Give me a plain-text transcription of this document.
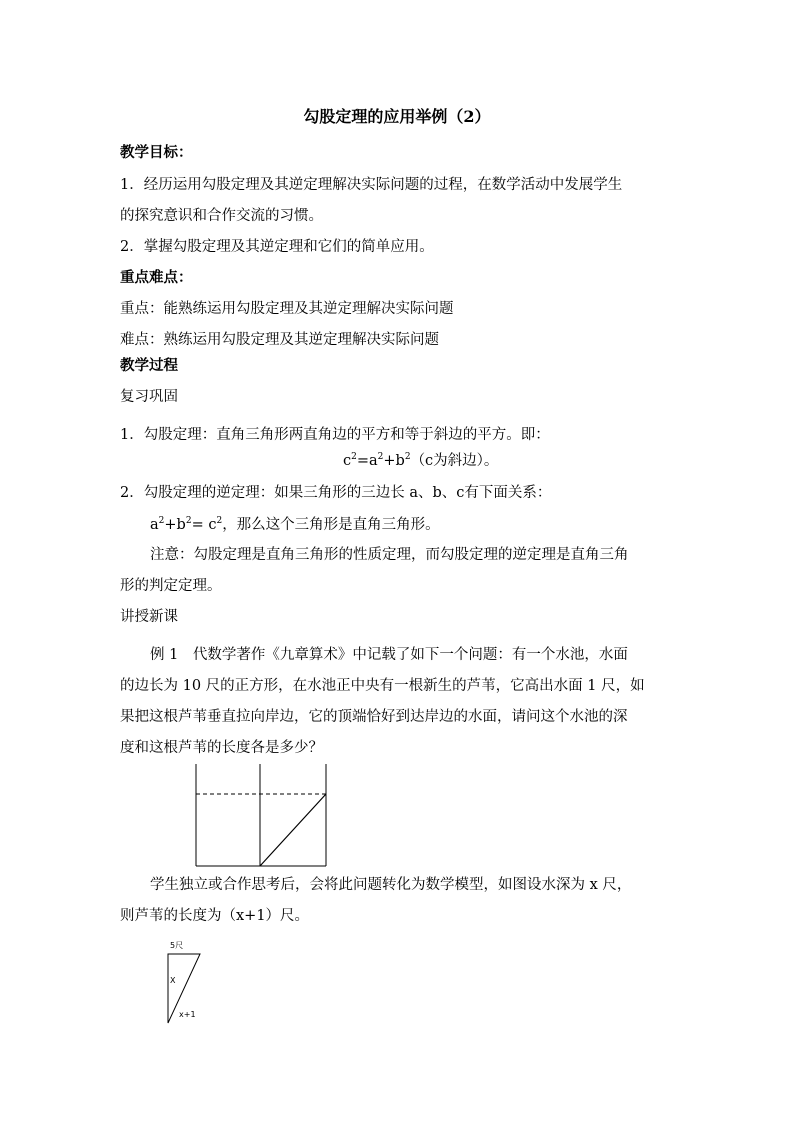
勾股定理的应用举例（2）
教学目标：
1．经历运用勾股定理及其逆定理解决实际问题的过程，在数学活动中发展学生
的探究意识和合作交流的习惯。
2．掌握勾股定理及其逆定理和它们的简单应用。
重点难点：
重点：能熟练运用勾股定理及其逆定理解决实际问题
难点：熟练运用勾股定理及其逆定理解决实际问题
教学过程
复习巩固
1．勾股定理：直角三角形两直角边的平方和等于斜边的平方。即：
$c^2=a^2+b^2(c$为斜边）。
2．勾股定理的逆定理：如果三角形的三边长 a、b、c有下面关系：
$a^2+b^2= c^2$，那么这个三角形是直角三角形。
注意：勾股定理是直角三角形的性质定理，而勾股定理的逆定理是直角三角
形的判定定理。
讲授新课
例 1　代数学著作《九章算术》中记载了如下一个问题：有一个水池，水面
的边长为 10 尺的正方形，在水池正中央有一根新生的芦苇，它高出水面 1 尺，如
果把这根芦苇垂直拉向岸边，它的顶端恰好到达岸边的水面，请问这个水池的深
度和这根芦苇的长度各是多少？
学生独立或合作思考后，会将此问题转化为数学模型，如图设水深为 x 尺，
则芦苇的长度为（x+1）尺。
5尺
X
x+1
